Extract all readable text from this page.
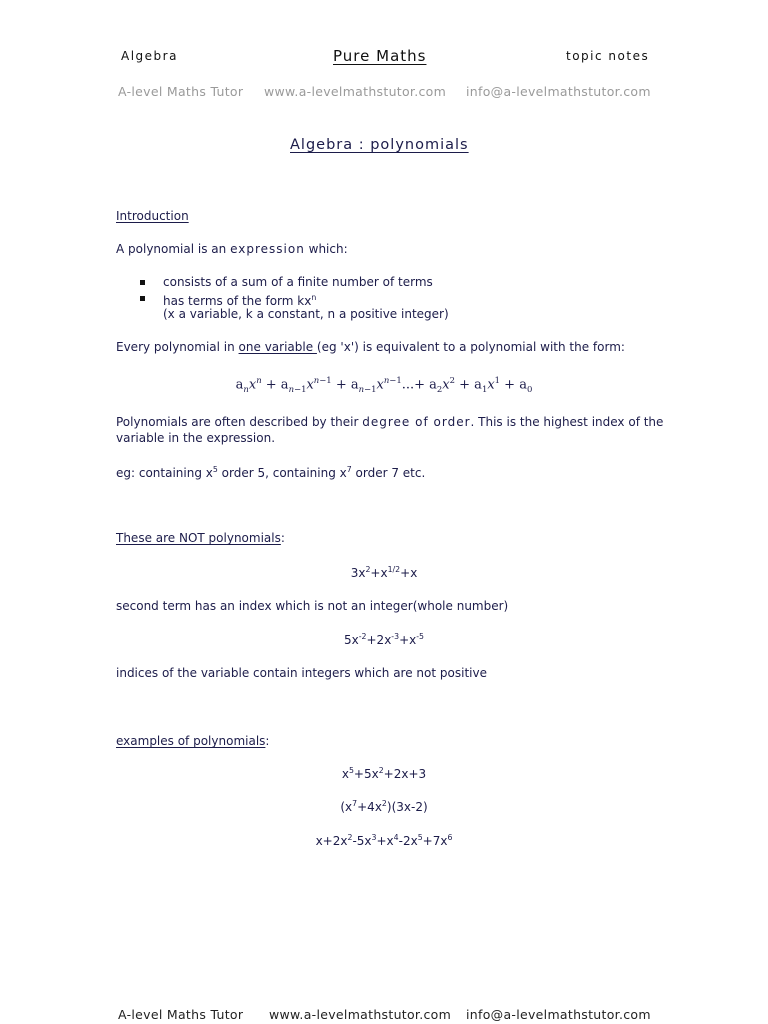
Algebra	Pure Maths	topic notes
A-level Maths Tutor www.a-levelmathstutor.com info@a-levelmathstutor.com
Algebra : polynomials
Introduction
A polynomial is an expression which:
consists of a sum of a finite number of terms
has terms of the form $kx^n$
(x a variable, k a constant, n a positive integer)
Every polynomial in one variable (eg 'x') is equivalent to a polynomial with the form:
$a_nx^n + a_{n-1}x^{n-1} + a_{n-1}x^{n-1}...+ a_2x^2 + a_1x^1 + a_0$
Polynomials are often described by their degree of order. This is the highest index of the
variable in the expression.
eg: containing $x^5$ order 5, containing $x^7$ order 7 etc.
These are NOT polynomials:
$3x^2+x^{1/2}+x$
second term has an index which is not an integer(whole number)
$5x^{-2}+2x^{-3}+x^{-5}$
indices of the variable contain integers which are not positive
examples of polynomials:
$x^5+5x^2+2x+3$
$(x^7+4x^2)(3x-2)$
$x+2x^2-5x^3+x^4-2x^5+7x^6$
A-level Maths Tutor www.a-levelmathstutor.com info@a-levelmathstutor.com
